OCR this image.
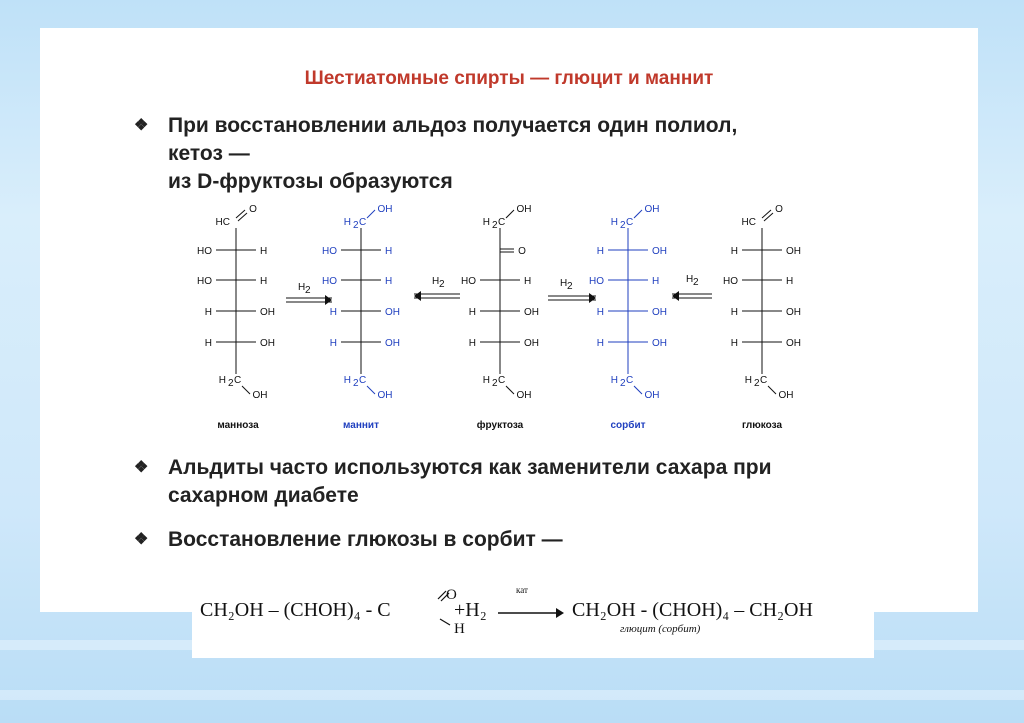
Шестиатомные спирты — глюцит и маннит
❖ При восстановлении альдоз получается один полиол,
кетоз —
из D-фруктозы образуются
HC
O
HO	H
HO	H
H	OH
H	OH
H 2 C
OH
манноза
H 2 C
OH
HO	H
HO	H
H	OH
H	OH
H 2 C
OH
маннит
H 2 C
OH
O
HO	H
H	OH
H	OH
H 2 C
OH
фруктоза
H 2 C
OH
H	OH
HO	H
H	OH
H	OH
H 2 C
OH
сорбит
HC
O
H	OH
HO	H
H	OH
H	OH
H 2 C
OH
глюкоза
H 2
H 2	H 2
H 2
❖ Альдиты часто используются как заменители сахара при
сахарном диабете
❖ Восстановление глюкозы в сорбит —
CH₂OH – (CHOH)₄ - C
O
H
+H₂
кат
→ CH₂OH - (CHOH)₄ – CH₂OH
глюцит (сорбит)
